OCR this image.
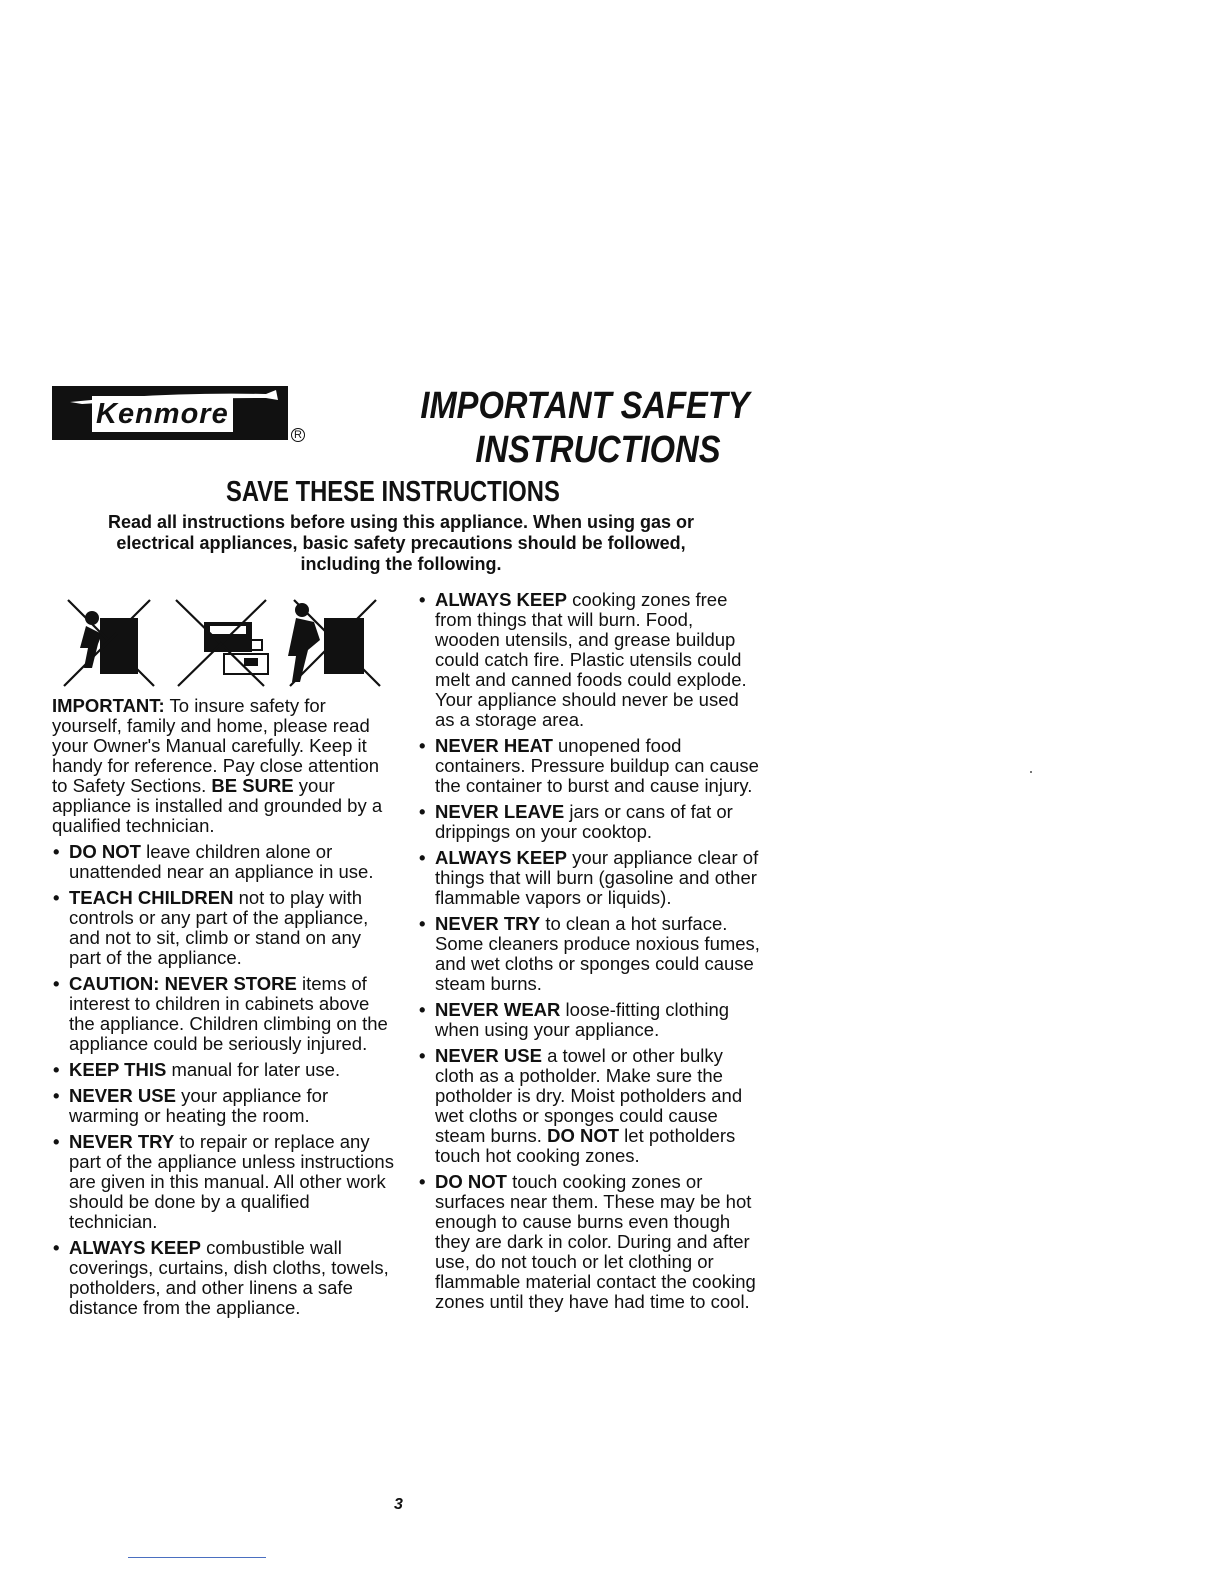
Kenmore
R
IMPORTANT SAFETY
INSTRUCTIONS
SAVE THESE INSTRUCTIONS
Read all instructions before using this appliance. When using gas or
electrical appliances, basic safety precautions should be followed,
including the following.

IMPORTANT: To insure safety for yourself, family and home, please read your Owner's Manual carefully. Keep it handy for reference. Pay close attention to Safety Sections. BE SURE your appliance is installed and grounded by a qualified technician.

• DO NOT leave children alone or unattended near an appliance in use.

• TEACH CHILDREN not to play with controls or any part of the appliance, and not to sit, climb or stand on any part of the appliance.

• CAUTION: NEVER STORE items of interest to children in cabinets above the appliance. Children climbing on the appliance could be seriously injured.

• KEEP THIS manual for later use.

• NEVER USE your appliance for warming or heating the room.

• NEVER TRY to repair or replace any part of the appliance unless instructions are given in this manual. All other work should be done by a qualified technician.

• ALWAYS KEEP combustible wall coverings, curtains, dish cloths, towels, potholders, and other linens a safe distance from the appliance.

• ALWAYS KEEP cooking zones free from things that will burn. Food, wooden utensils, and grease buildup could catch fire. Plastic utensils could melt and canned foods could explode. Your appliance should never be used as a storage area.

• NEVER HEAT unopened food containers. Pressure buildup can cause the container to burst and cause injury.

• NEVER LEAVE jars or cans of fat or drippings on your cooktop.

• ALWAYS KEEP your appliance clear of things that will burn (gasoline and other flammable vapors or liquids).

• NEVER TRY to clean a hot surface. Some cleaners produce noxious fumes, and wet cloths or sponges could cause steam burns.

• NEVER WEAR loose-fitting clothing when using your appliance.

• NEVER USE a towel or other bulky cloth as a potholder. Make sure the potholder is dry. Moist potholders and wet cloths or sponges could cause steam burns. DO NOT let potholders touch hot cooking zones.

• DO NOT touch cooking zones or surfaces near them. These may be hot enough to cause burns even though they are dark in color. During and after use, do not touch or let clothing or flammable material contact the cooking zones until they have had time to cool.

3
